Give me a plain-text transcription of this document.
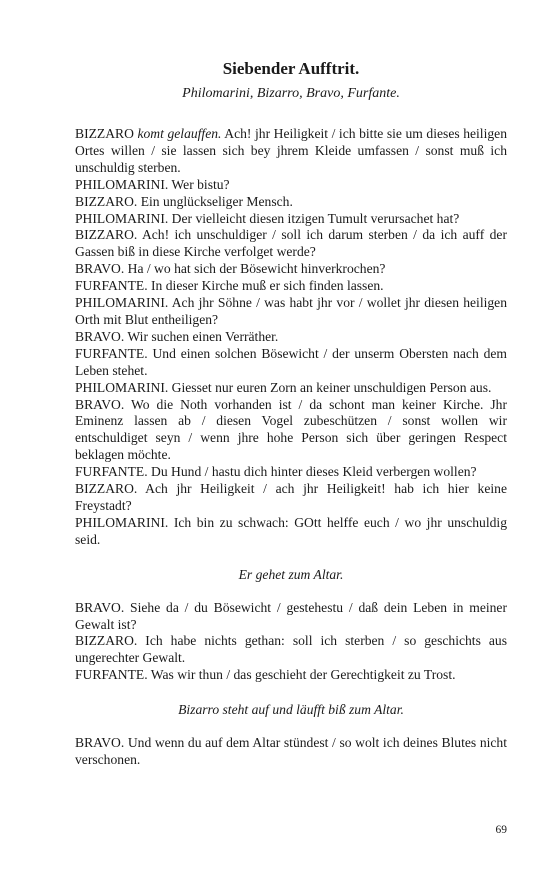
Siebender Aufftrit.
Philomarini, Bizarro, Bravo, Furfante.

BIZZARO komt gelauffen. Ach! jhr Heiligkeit / ich bitte sie um dieses heiligen Ortes willen / sie lassen sich bey jhrem Kleide umfassen / sonst muß ich unschuldig sterben.

PHILOMARINI. Wer bistu?

BIZZARO. Ein unglückseliger Mensch.

PHILOMARINI. Der vielleicht diesen itzigen Tumult verursachet hat?

BIZZARO. Ach! ich unschuldiger / soll ich darum sterben / da ich auff der Gassen biß in diese Kirche verfolget werde?

BRAVO. Ha / wo hat sich der Bösewicht hinverkrochen?

FURFANTE. In dieser Kirche muß er sich finden lassen.

PHILOMARINI. Ach jhr Söhne / was habt jhr vor / wollet jhr diesen heiligen Orth mit Blut entheiligen?

BRAVO. Wir suchen einen Verräther.

FURFANTE. Und einen solchen Bösewicht / der unserm Obersten nach dem Leben stehet.

PHILOMARINI. Giesset nur euren Zorn an keiner unschuldigen Person aus.

BRAVO. Wo die Noth vorhanden ist / da schont man keiner Kirche. Jhr Eminenz lassen ab / diesen Vogel zubeschützen / sonst wollen wir entschuldiget seyn / wenn jhre hohe Person sich über geringen Respect beklagen möchte.

FURFANTE. Du Hund / hastu dich hinter dieses Kleid verbergen wollen?

BIZZARO. Ach jhr Heiligkeit / ach jhr Heiligkeit! hab ich hier keine Freystadt?

PHILOMARINI. Ich bin zu schwach: GOtt helffe euch / wo jhr unschuldig seid.

Er gehet zum Altar.

BRAVO. Siehe da / du Bösewicht / gestehestu / daß dein Leben in meiner Gewalt ist?

BIZZARO. Ich habe nichts gethan: soll ich sterben / so geschichts aus ungerechter Gewalt.

FURFANTE. Was wir thun / das geschieht der Gerechtigkeit zu Trost.

Bizarro steht auf und läufft biß zum Altar.

BRAVO. Und wenn du auf dem Altar stündest / so wolt ich deines Blutes nicht verschonen.

69
